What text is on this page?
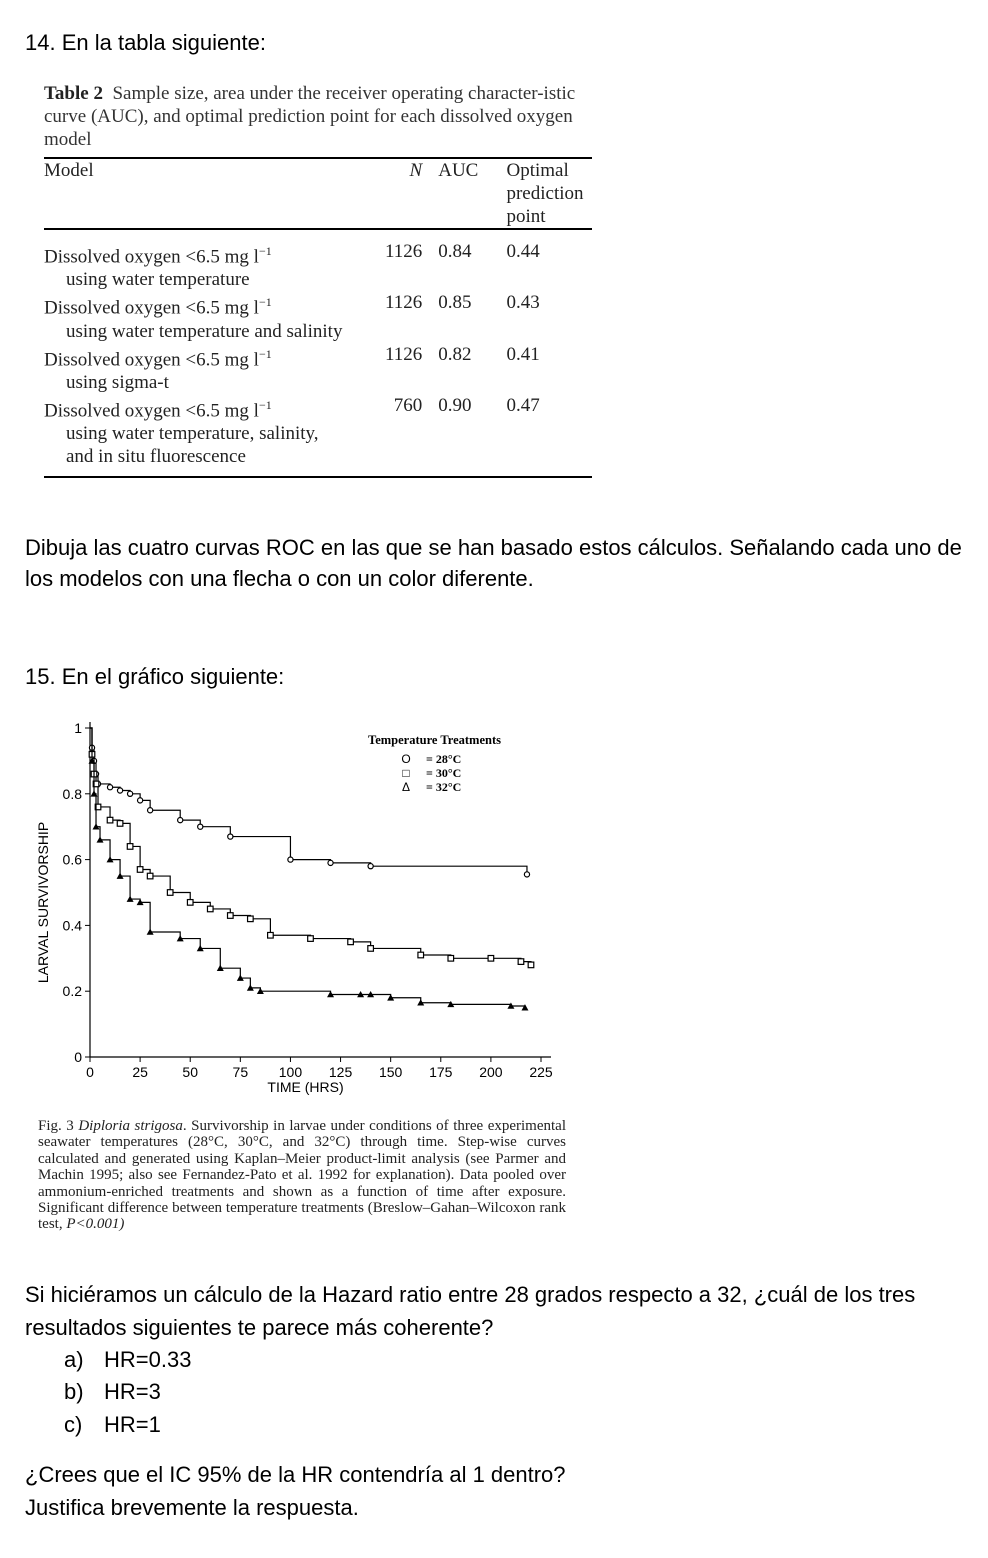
14. En la tabla siguiente:
Table 2 Sample size, area under the receiver operating character-istic curve (AUC), and optimal prediction point for each dissolved oxygen model
Model	N	AUC	Optimal
prediction
point

Dissolved oxygen <6.5 mg $l^{-1}$
using water temperature	1126	0.84	0.44
Dissolved oxygen <6.5 mg $l^{-1}$
using water temperature and salinity	1126	0.85	0.43
Dissolved oxygen <6.5 mg $l^{-1}$
using sigma-t	1126	0.82	0.41
Dissolved oxygen <6.5 mg $l^{-1}$
using water temperature, salinity, and in situ fluorescence	760	0.90	0.47
Dibuja las cuatro curvas ROC en las que se han basado estos cálculos. Señalando cada uno de los modelos con una flecha o con un color diferente.
15. En el gráfico siguiente:
0	25 50 75 100 125 150 175 200 225
0
0.2
0.4
0.6
0.8
1
TIME (HRS)
LARVAL SURVIVORSHIP
Temperature Treatments
O = 28°C
□ = 30°C
Δ = 32°C
Fig. 3 Diploria strigosa. Survivorship in larvae under conditions of three experimental seawater temperatures (28°C, 30°C, and 32°C) through time. Step-wise curves calculated and generated using Kaplan–Meier product-limit analysis (see Parmer and Machin 1995; also see Fernandez-Pato et al. 1992 for explanation). Data pooled over ammonium-enriched treatments and shown as a function of time after exposure. Significant difference between temperature treatments (Breslow–Gahan–Wilcoxon rank test, P<0.001)
Si hiciéramos un cálculo de la Hazard ratio entre 28 grados respecto a 32, ¿cuál de los tres resultados siguientes te parece más coherente?
a) HR=0.33
b) HR=3
c) HR=1
¿Crees que el IC 95% de la HR contendría al 1 dentro?
Justifica brevemente la respuesta.
